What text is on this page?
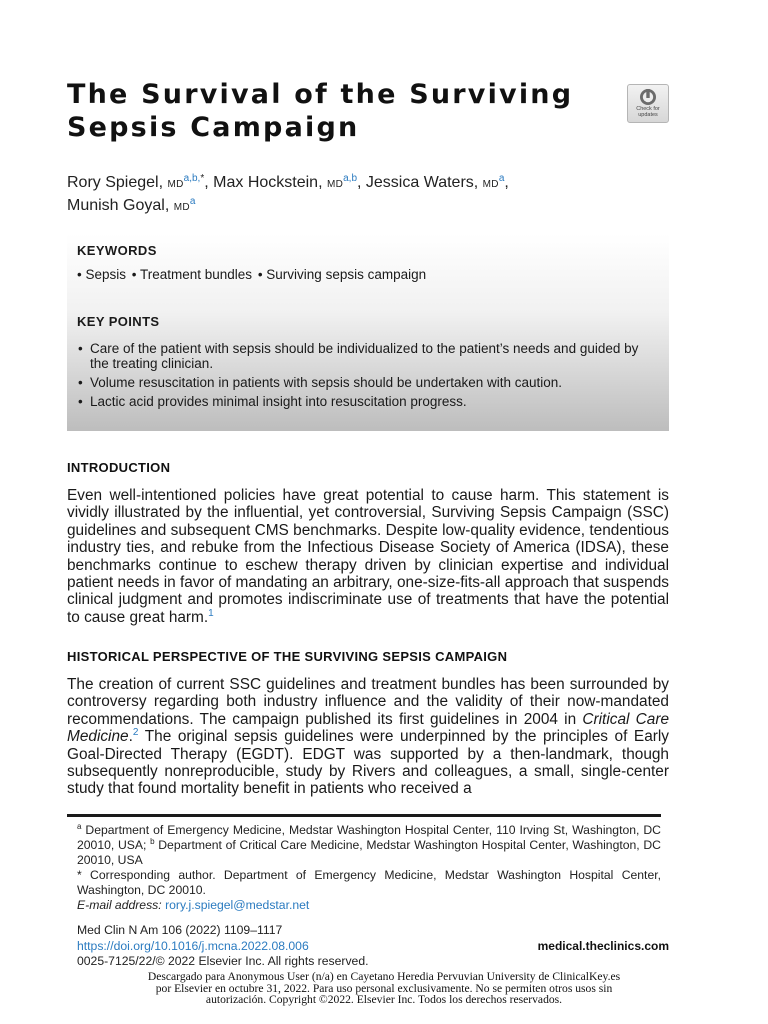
The Survival of the Surviving Sepsis Campaign
Check for
updates
Rory Spiegel, $MD^{a,b,*}$, Max Hockstein, MD$^{a,b}$, Jessica Waters, $MD^a$,
Munish Goyal, $MD^a$
KEYWORDS
• Sepsis • Treatment bundles • Surviving sepsis campaign
KEY POINTS
• Care of the patient with sepsis should be individualized to the patient’s needs and guided by the treating clinician.
• Volume resuscitation in patients with sepsis should be undertaken with caution.
• Lactic acid provides minimal insight into resuscitation progress.
INTRODUCTION

Even well-intentioned policies have great potential to cause harm. This statement is vividly illustrated by the influential, yet controversial, Surviving Sepsis Campaign (SSC) guidelines and subsequent CMS benchmarks. Despite low-quality evidence, tendentious industry ties, and rebuke from the Infectious Disease Society of America (IDSA), these benchmarks continue to eschew therapy driven by clinician expertise and individual patient needs in favor of mandating an arbitrary, one-size-fits-all approach that suspends clinical judgment and promotes indiscriminate use of treatments that have the potential to cause great harm.$^1$

HISTORICAL PERSPECTIVE OF THE SURVIVING SEPSIS CAMPAIGN

The creation of current SSC guidelines and treatment bundles has been surrounded by controversy regarding both industry influence and the validity of their now-mandated recommendations. The campaign published its first guidelines in 2004 in Critical Care Medicine.$^2$ The original sepsis guidelines were underpinned by the principles of Early Goal-Directed Therapy (EGDT). EDGT was supported by a then-landmark, though subsequently nonreproducible, study by Rivers and colleagues, a small, single-center study that found mortality benefit in patients who received a

$^a$ Department of Emergency Medicine, Medstar Washington Hospital Center, 110 Irving St, Washington, DC 20010, USA; $^b$ Department of Critical Care Medicine, Medstar Washington Hospital Center, Washington, DC 20010, USA

* Corresponding author. Department of Emergency Medicine, Medstar Washington Hospital Center, Washington, DC 20010.

E-mail address: rory.j.spiegel@medstar.net

Med Clin N Am 106 (2022) 1109–1117
https://doi.org/10.1016/j.mcna.2022.08.006
0025-7125/22/© 2022 Elsevier Inc. All rights reserved.
medical.theclinics.com
Descargado para Anonymous User (n/a) en Cayetano Heredia Pervuvian University de ClinicalKey.es por Elsevier en octubre 31, 2022. Para uso personal exclusivamente. No se permiten otros usos sin autorización. Copyright ©2022. Elsevier Inc. Todos los derechos reservados.
